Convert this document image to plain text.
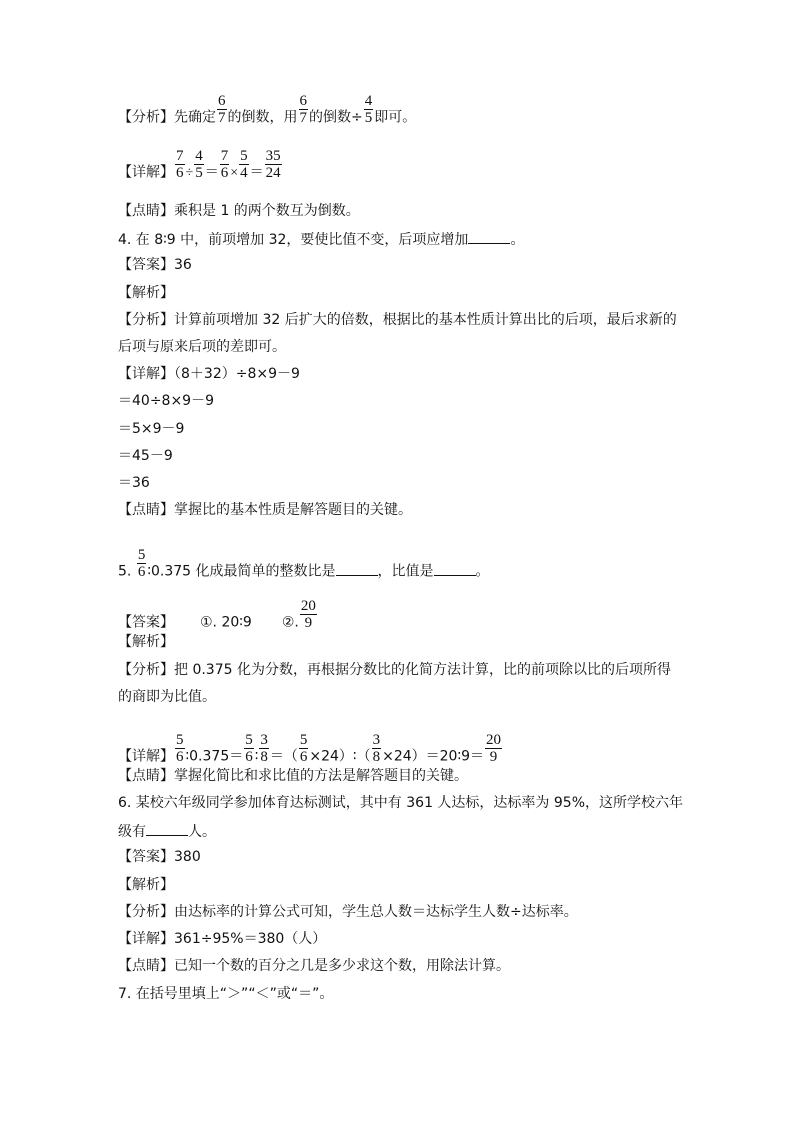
【分析】先确定 $\frac{6}{7}$ 的倒数，用 $\frac{6}{7}$ 的倒数÷ $\frac{4}{5}$ 即可。
【详解】 $\frac{7}{6} \div \frac{4}{5} = \frac{7}{6} \times \frac{5}{4} = \frac{35}{24}$
【点睛】乘积是 1 的两个数互为倒数。
4. 在 8∶9 中，前项增加 32，要使比值不变，后项应增加	。
【答案】36
【解析】
【分析】计算前项增加 32 后扩大的倍数，根据比的基本性质计算出比的后项，最后求新的
后项与原来后项的差即可。
【详解】（8＋32）÷8×9－9
＝40÷8×9－9
＝5×9－9
＝45－9
＝36
【点睛】掌握比的基本性质是解答题目的关键。
5. $\frac{5}{6}$ ∶0.375 化成最简单的整数比是	，比值是	。
【答案】 ①. 20∶9 ②. $\frac{20}{9}$
【解析】
【分析】把 0.375 化为分数，再根据分数比的化简方法计算，比的前项除以比的后项所得
的商即为比值。
【详解】 $\frac{5}{6}$ ∶0.375＝ $\frac{5}{6}$ ∶ $\frac{3}{8}$ ＝（ $\frac{5}{6}$ ×24）∶（ $\frac{3}{8}$ ×24）＝20∶9＝ $\frac{20}{9}$
【点睛】掌握化简比和求比值的方法是解答题目的关键。
6. 某校六年级同学参加体育达标测试，其中有 361 人达标，达标率为 95%，这所学校六年
级有	人。
【答案】380
【解析】
【分析】由达标率的计算公式可知，学生总人数＝达标学生人数÷达标率。
【详解】361÷95%＝380（人）
【点睛】已知一个数的百分之几是多少求这个数，用除法计算。
7. 在括号里填上“＞”“＜”或“＝”。
